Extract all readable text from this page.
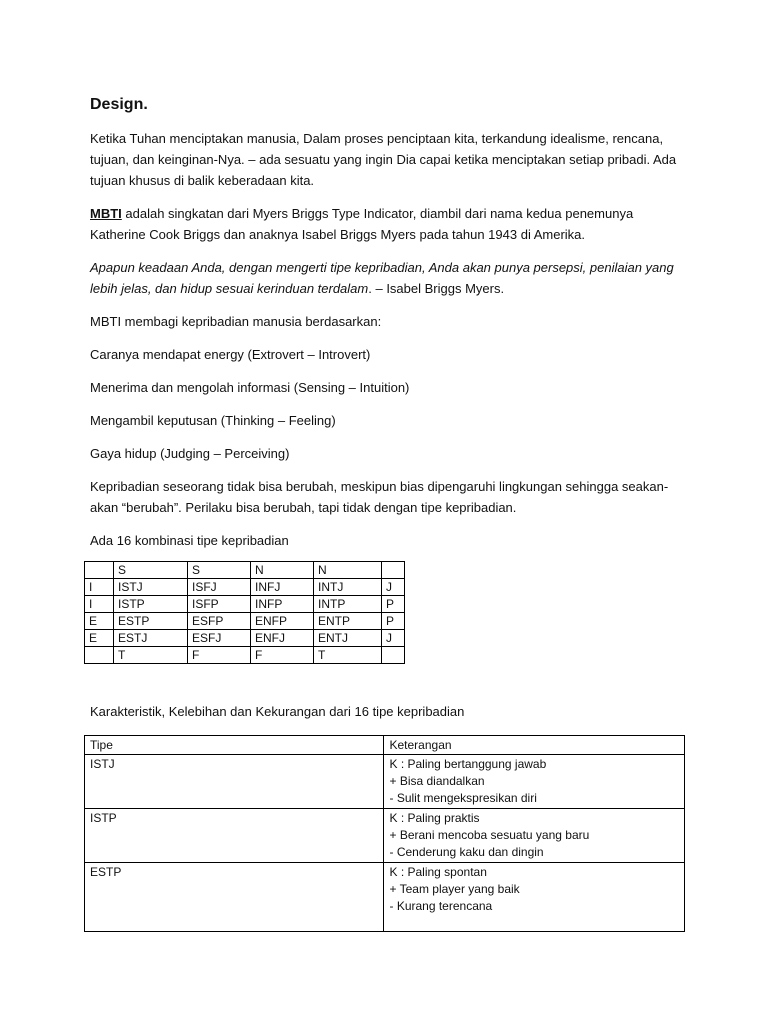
Design.

Ketika Tuhan menciptakan manusia, Dalam proses penciptaan kita, terkandung idealisme, rencana, tujuan, dan keinginan-Nya. – ada sesuatu yang ingin Dia capai ketika menciptakan setiap pribadi. Ada tujuan khusus di balik keberadaan kita.

MBTI adalah singkatan dari Myers Briggs Type Indicator, diambil dari nama kedua penemunya Katherine Cook Briggs dan anaknya Isabel Briggs Myers pada tahun 1943 di Amerika.

Apapun keadaan Anda, dengan mengerti tipe kepribadian, Anda akan punya persepsi, penilaian yang lebih jelas, dan hidup sesuai kerinduan terdalam. – Isabel Briggs Myers.

MBTI membagi kepribadian manusia berdasarkan:

Caranya mendapat energy (Extrovert – Introvert)

Menerima dan mengolah informasi (Sensing – Intuition)

Mengambil keputusan (Thinking – Feeling)

Gaya hidup (Judging – Perceiving)

Kepribadian seseorang tidak bisa berubah, meskipun bias dipengaruhi lingkungan sehingga seakan-akan “berubah”. Perilaku bisa berubah, tapi tidak dengan tipe kepribadian.

Ada 16 kombinasi tipe kepribadian

	S	S	N	N	
I	ISTJ	ISFJ	INFJ	INTJ	J
I	ISTP	ISFP	INFP	INTP	P
E	ESTP	ESFP	ENFP	ENTP	P
E	ESTJ	ESFJ	ENFJ	ENTJ	J
	T	F	F	T	
Karakteristik, Kelebihan dan Kekurangan dari 16 tipe kepribadian
Tipe	Keterangan
ISTJ	K : Paling bertanggung jawab
+ Bisa diandalkan
- Sulit mengekspresikan diri

ISTP	K : Paling praktis
+ Berani mencoba sesuatu yang baru
- Cenderung kaku dan dingin

ESTP	K : Paling spontan
+ Team player yang baik
- Kurang terencana
